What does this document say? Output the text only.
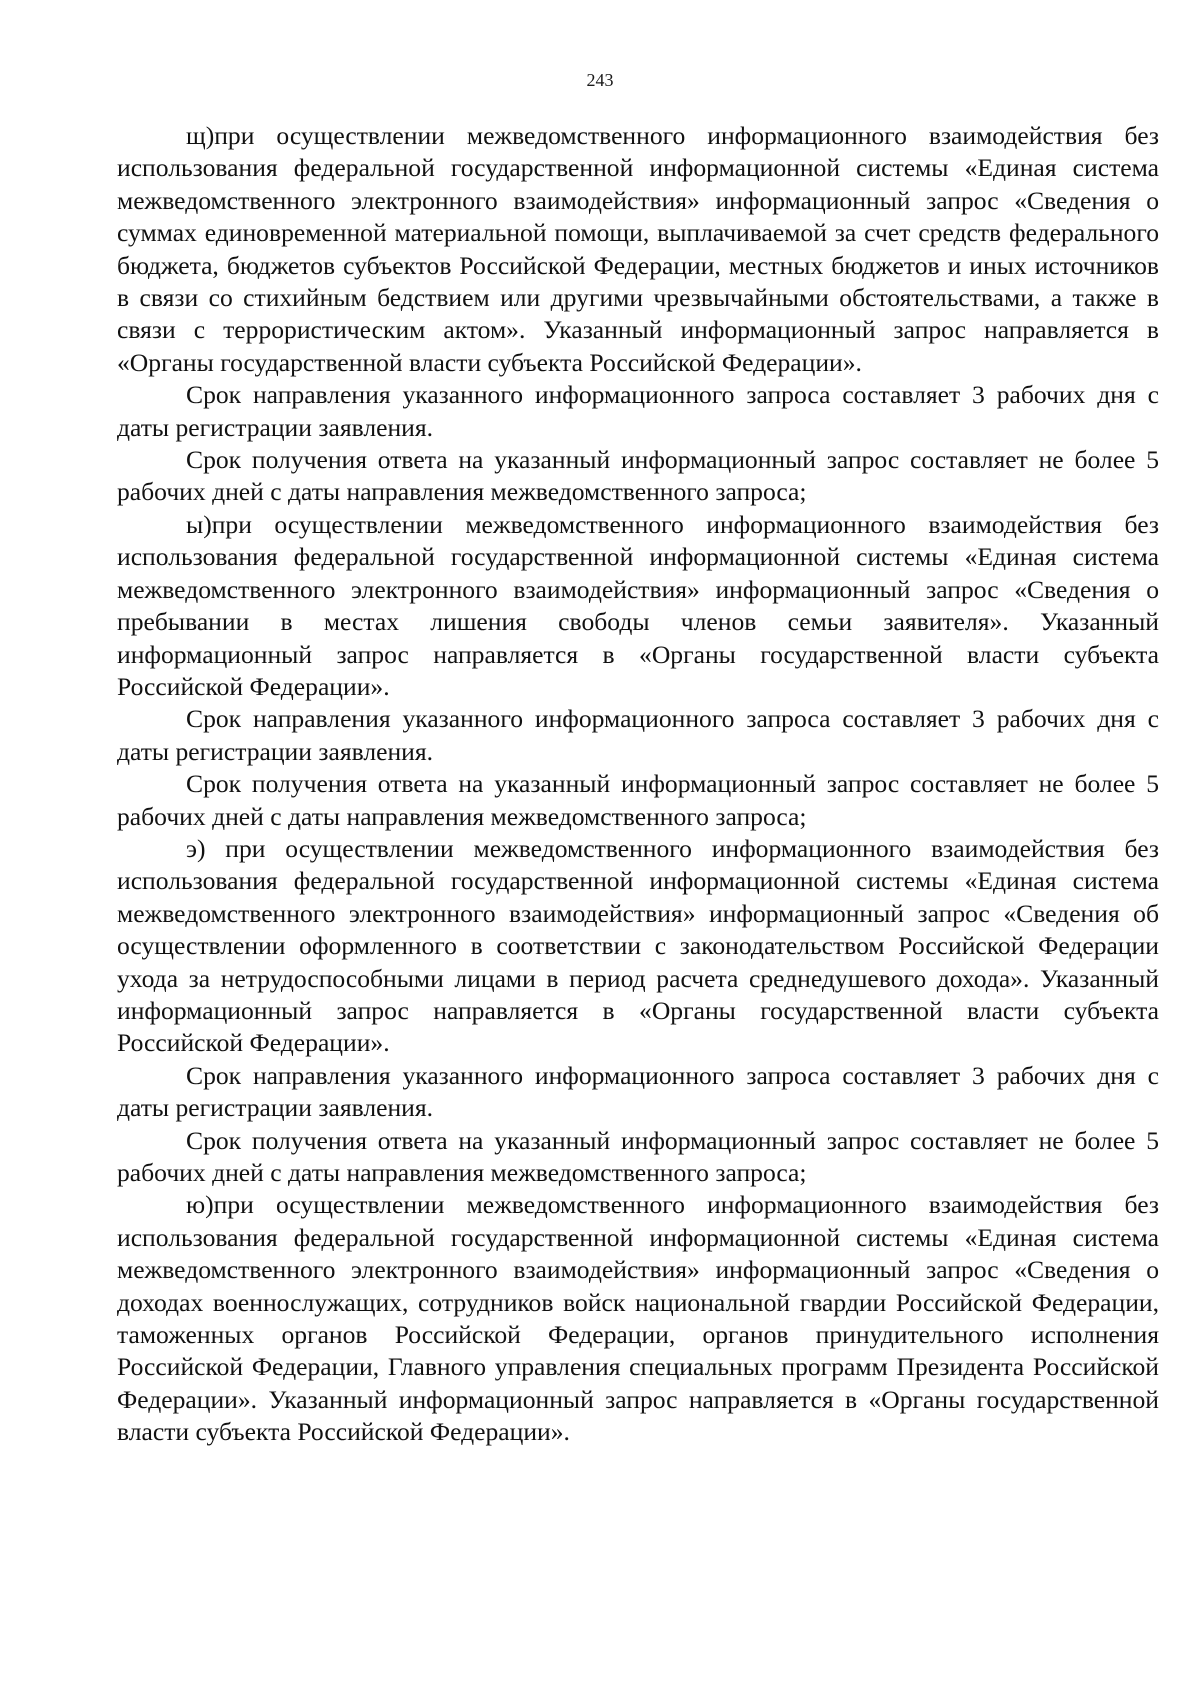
243

щ)при осуществлении межведомственного информационного взаимодействия без использования федеральной государственной информационной системы «Единая система межведомственного электронного взаимодействия» информационный запрос «Сведения о суммах единовременной материальной помощи, выплачиваемой за счет средств федерального бюджета, бюджетов субъектов Российской Федерации, местных бюджетов и иных источников в связи со стихийным бедствием или другими чрезвычайными обстоятельствами, а также в связи с террористическим актом». Указанный информационный запрос направляется в «Органы государственной власти субъекта Российской Федерации».

Срок направления указанного информационного запроса составляет 3 рабочих дня с даты регистрации заявления.

Срок получения ответа на указанный информационный запрос составляет не более 5 рабочих дней с даты направления межведомственного запроса;

ы)при осуществлении межведомственного информационного взаимодействия без использования федеральной государственной информационной системы «Единая система межведомственного электронного взаимодействия» информационный запрос «Сведения о пребывании в местах лишения свободы членов семьи заявителя». Указанный информационный запрос направляется в «Органы государственной власти субъекта Российской Федерации».

Срок направления указанного информационного запроса составляет 3 рабочих дня с даты регистрации заявления.

Срок получения ответа на указанный информационный запрос составляет не более 5 рабочих дней с даты направления межведомственного запроса;

э) при осуществлении межведомственного информационного взаимодействия без использования федеральной государственной информационной системы «Единая система межведомственного электронного взаимодействия» информационный запрос «Сведения об осуществлении оформленного в соответствии с законодательством Российской Федерации ухода за нетрудоспособными лицами в период расчета среднедушевого дохода». Указанный информационный запрос направляется в «Органы государственной власти субъекта Российской Федерации».

Срок направления указанного информационного запроса составляет 3 рабочих дня с даты регистрации заявления.

Срок получения ответа на указанный информационный запрос составляет не более 5 рабочих дней с даты направления межведомственного запроса;

ю)при осуществлении межведомственного информационного взаимодействия без использования федеральной государственной информационной системы «Единая система межведомственного электронного взаимодействия» информационный запрос «Сведения о доходах военнослужащих, сотрудников войск национальной гвардии Российской Федерации, таможенных органов Российской Федерации, органов принудительного исполнения Российской Федерации, Главного управления специальных программ Президента Российской Федерации». Указанный информационный запрос направляется в «Органы государственной власти субъекта Российской Федерации».
